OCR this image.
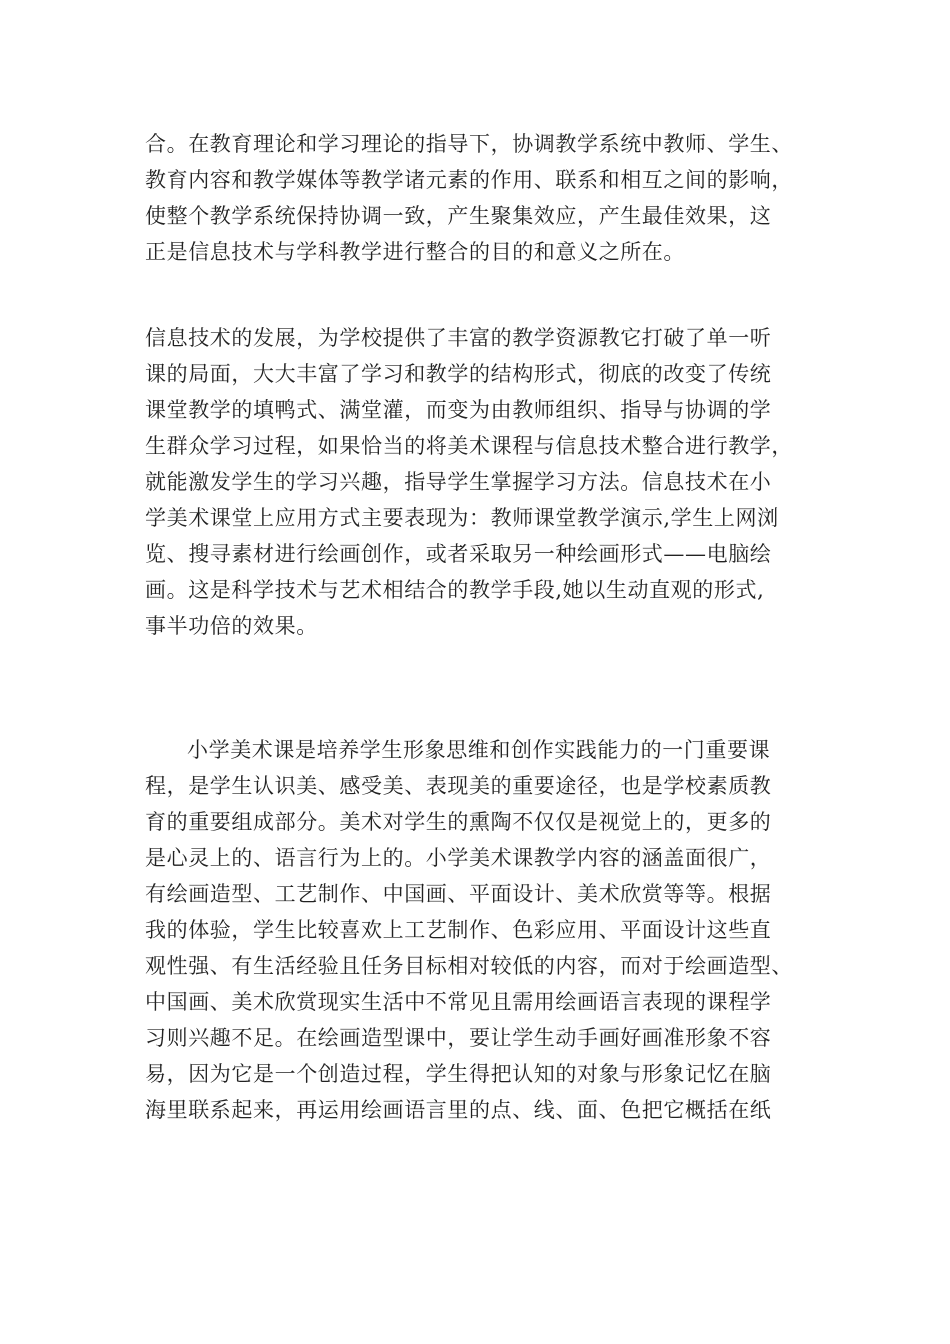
合。在教育理论和学习理论的指导下，协调教学系统中教师、学生、
教育内容和教学媒体等教学诸元素的作用、联系和相互之间的影响，
使整个教学系统保持协调一致，产生聚集效应，产生最佳效果，这
正是信息技术与学科教学进行整合的目的和意义之所在。
信息技术的发展，为学校提供了丰富的教学资源教它打破了单一听
课的局面，大大丰富了学习和教学的结构形式，彻底的改变了传统
课堂教学的填鸭式、满堂灌，而变为由教师组织、指导与协调的学
生群众学习过程，如果恰当的将美术课程与信息技术整合进行教学，
就能激发学生的学习兴趣，指导学生掌握学习方法。信息技术在小
学美术课堂上应用方式主要表现为：教师课堂教学演示,学生上网浏
览、搜寻素材进行绘画创作，或者采取另一种绘画形式——电脑绘
画。这是科学技术与艺术相结合的教学手段,她以生动直观的形式,
事半功倍的效果。
小学美术课是培养学生形象思维和创作实践能力的一门重要课
程，是学生认识美、感受美、表现美的重要途径，也是学校素质教
育的重要组成部分。美术对学生的熏陶不仅仅是视觉上的，更多的
是心灵上的、语言行为上的。小学美术课教学内容的涵盖面很广，
有绘画造型、工艺制作、中国画、平面设计、美术欣赏等等。根据
我的体验，学生比较喜欢上工艺制作、色彩应用、平面设计这些直
观性强、有生活经验且任务目标相对较低的内容，而对于绘画造型、
中国画、美术欣赏现实生活中不常见且需用绘画语言表现的课程学
习则兴趣不足。在绘画造型课中，要让学生动手画好画准形象不容
易，因为它是一个创造过程，学生得把认知的对象与形象记忆在脑
海里联系起来，再运用绘画语言里的点、线、面、色把它概括在纸
